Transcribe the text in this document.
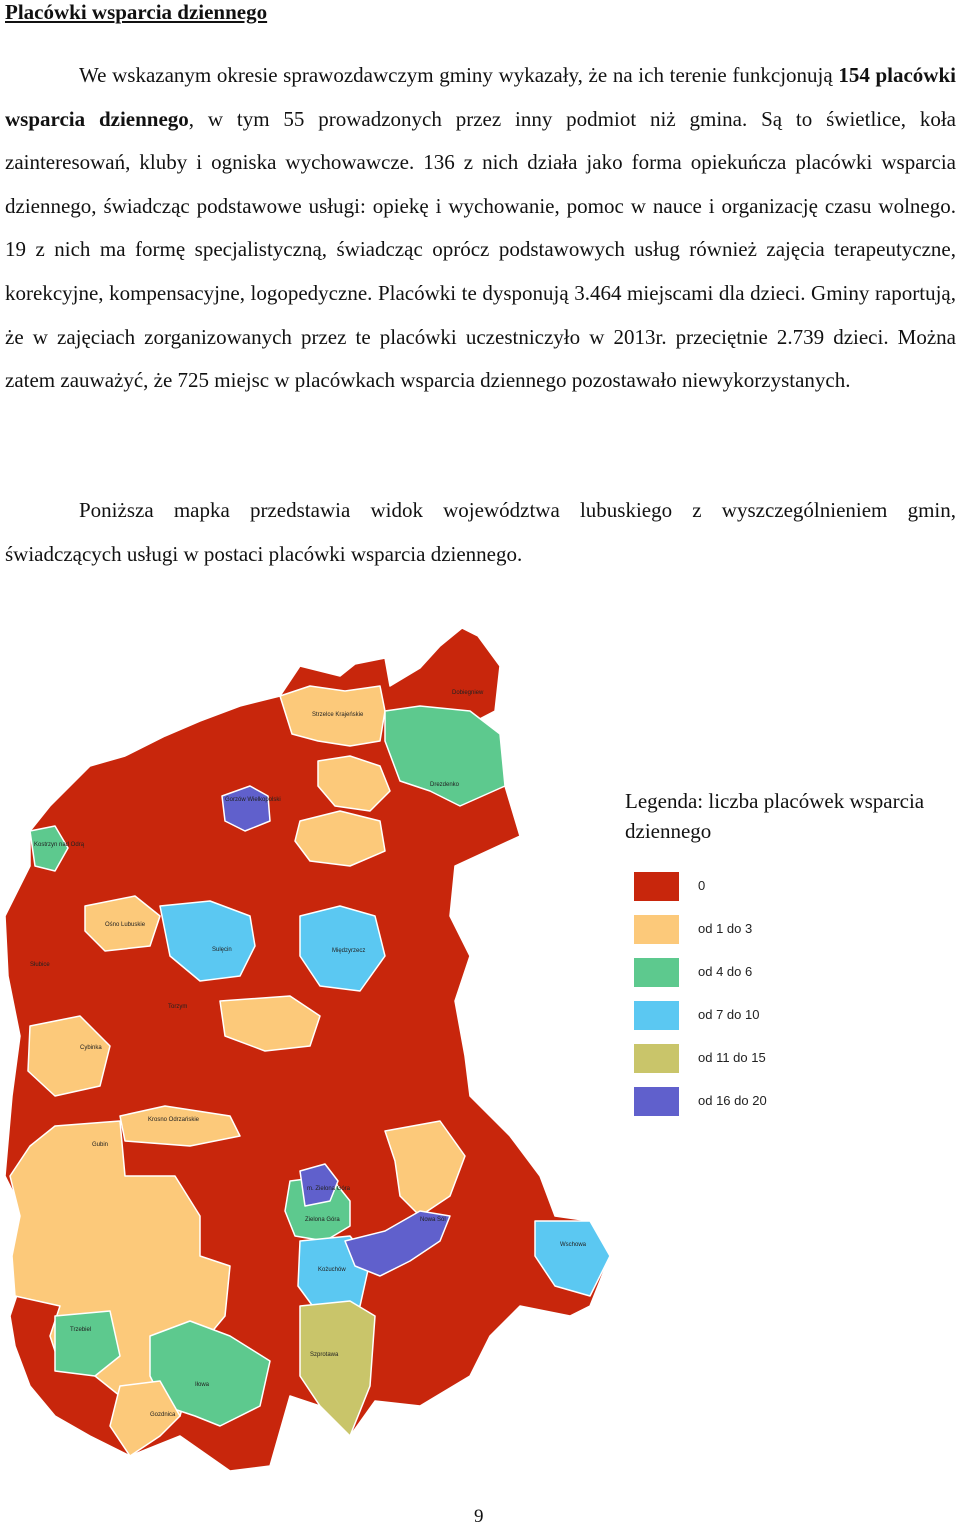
Placówki wsparcia dziennego

We wskazanym okresie sprawozdawczym gminy wykazały, że na ich terenie funkcjonują 154 placówki wsparcia dziennego, w tym 55 prowadzonych przez inny podmiot niż gmina. Są to świetlice, koła zainteresowań, kluby i ogniska wychowawcze. 136 z nich działa jako forma opiekuńcza placówki wsparcia dziennego, świadcząc podstawowe usługi: opiekę i wychowanie, pomoc w nauce i organizację czasu wolnego. 19 z nich ma formę specjalistyczną, świadcząc oprócz podstawowych usług również zajęcia terapeutyczne, korekcyjne, kompensacyjne, logopedyczne. Placówki te dysponują 3.464 miejscami dla dzieci. Gminy raportują, że w zajęciach zorganizowanych przez te placówki uczestniczyło w 2013r. przeciętnie 2.739 dzieci. Można zatem zauważyć, że 725 miejsc w placówkach wsparcia dziennego pozostawało niewykorzystanych.

Poniższa mapka przedstawia widok województwa lubuskiego z wyszczególnieniem gmin, świadczących usługi w postaci placówki wsparcia dziennego.

Dobiegniew
Strzelce Krajeńskie
Drezdenko
Gorzów Wielkopolski
Kostrzyn nad Odrą
Ośno Lubuskie
Sulęcin	Międzyrzecz
Słubice
Torzym
Cybinka
Krosno Odrzańskie
Gubin
m. Zielona Góra
Zielona Góra	Nowa Sól
Wschowa
Kożuchów
Trzebiel
Szprotawa
Iłowa
Gozdnica

Legenda: liczba placówek wsparcia dziennego

0
od 1 do 3
od 4 do 6
od 7 do 10
od 11 do 15
od 16 do 20
9
